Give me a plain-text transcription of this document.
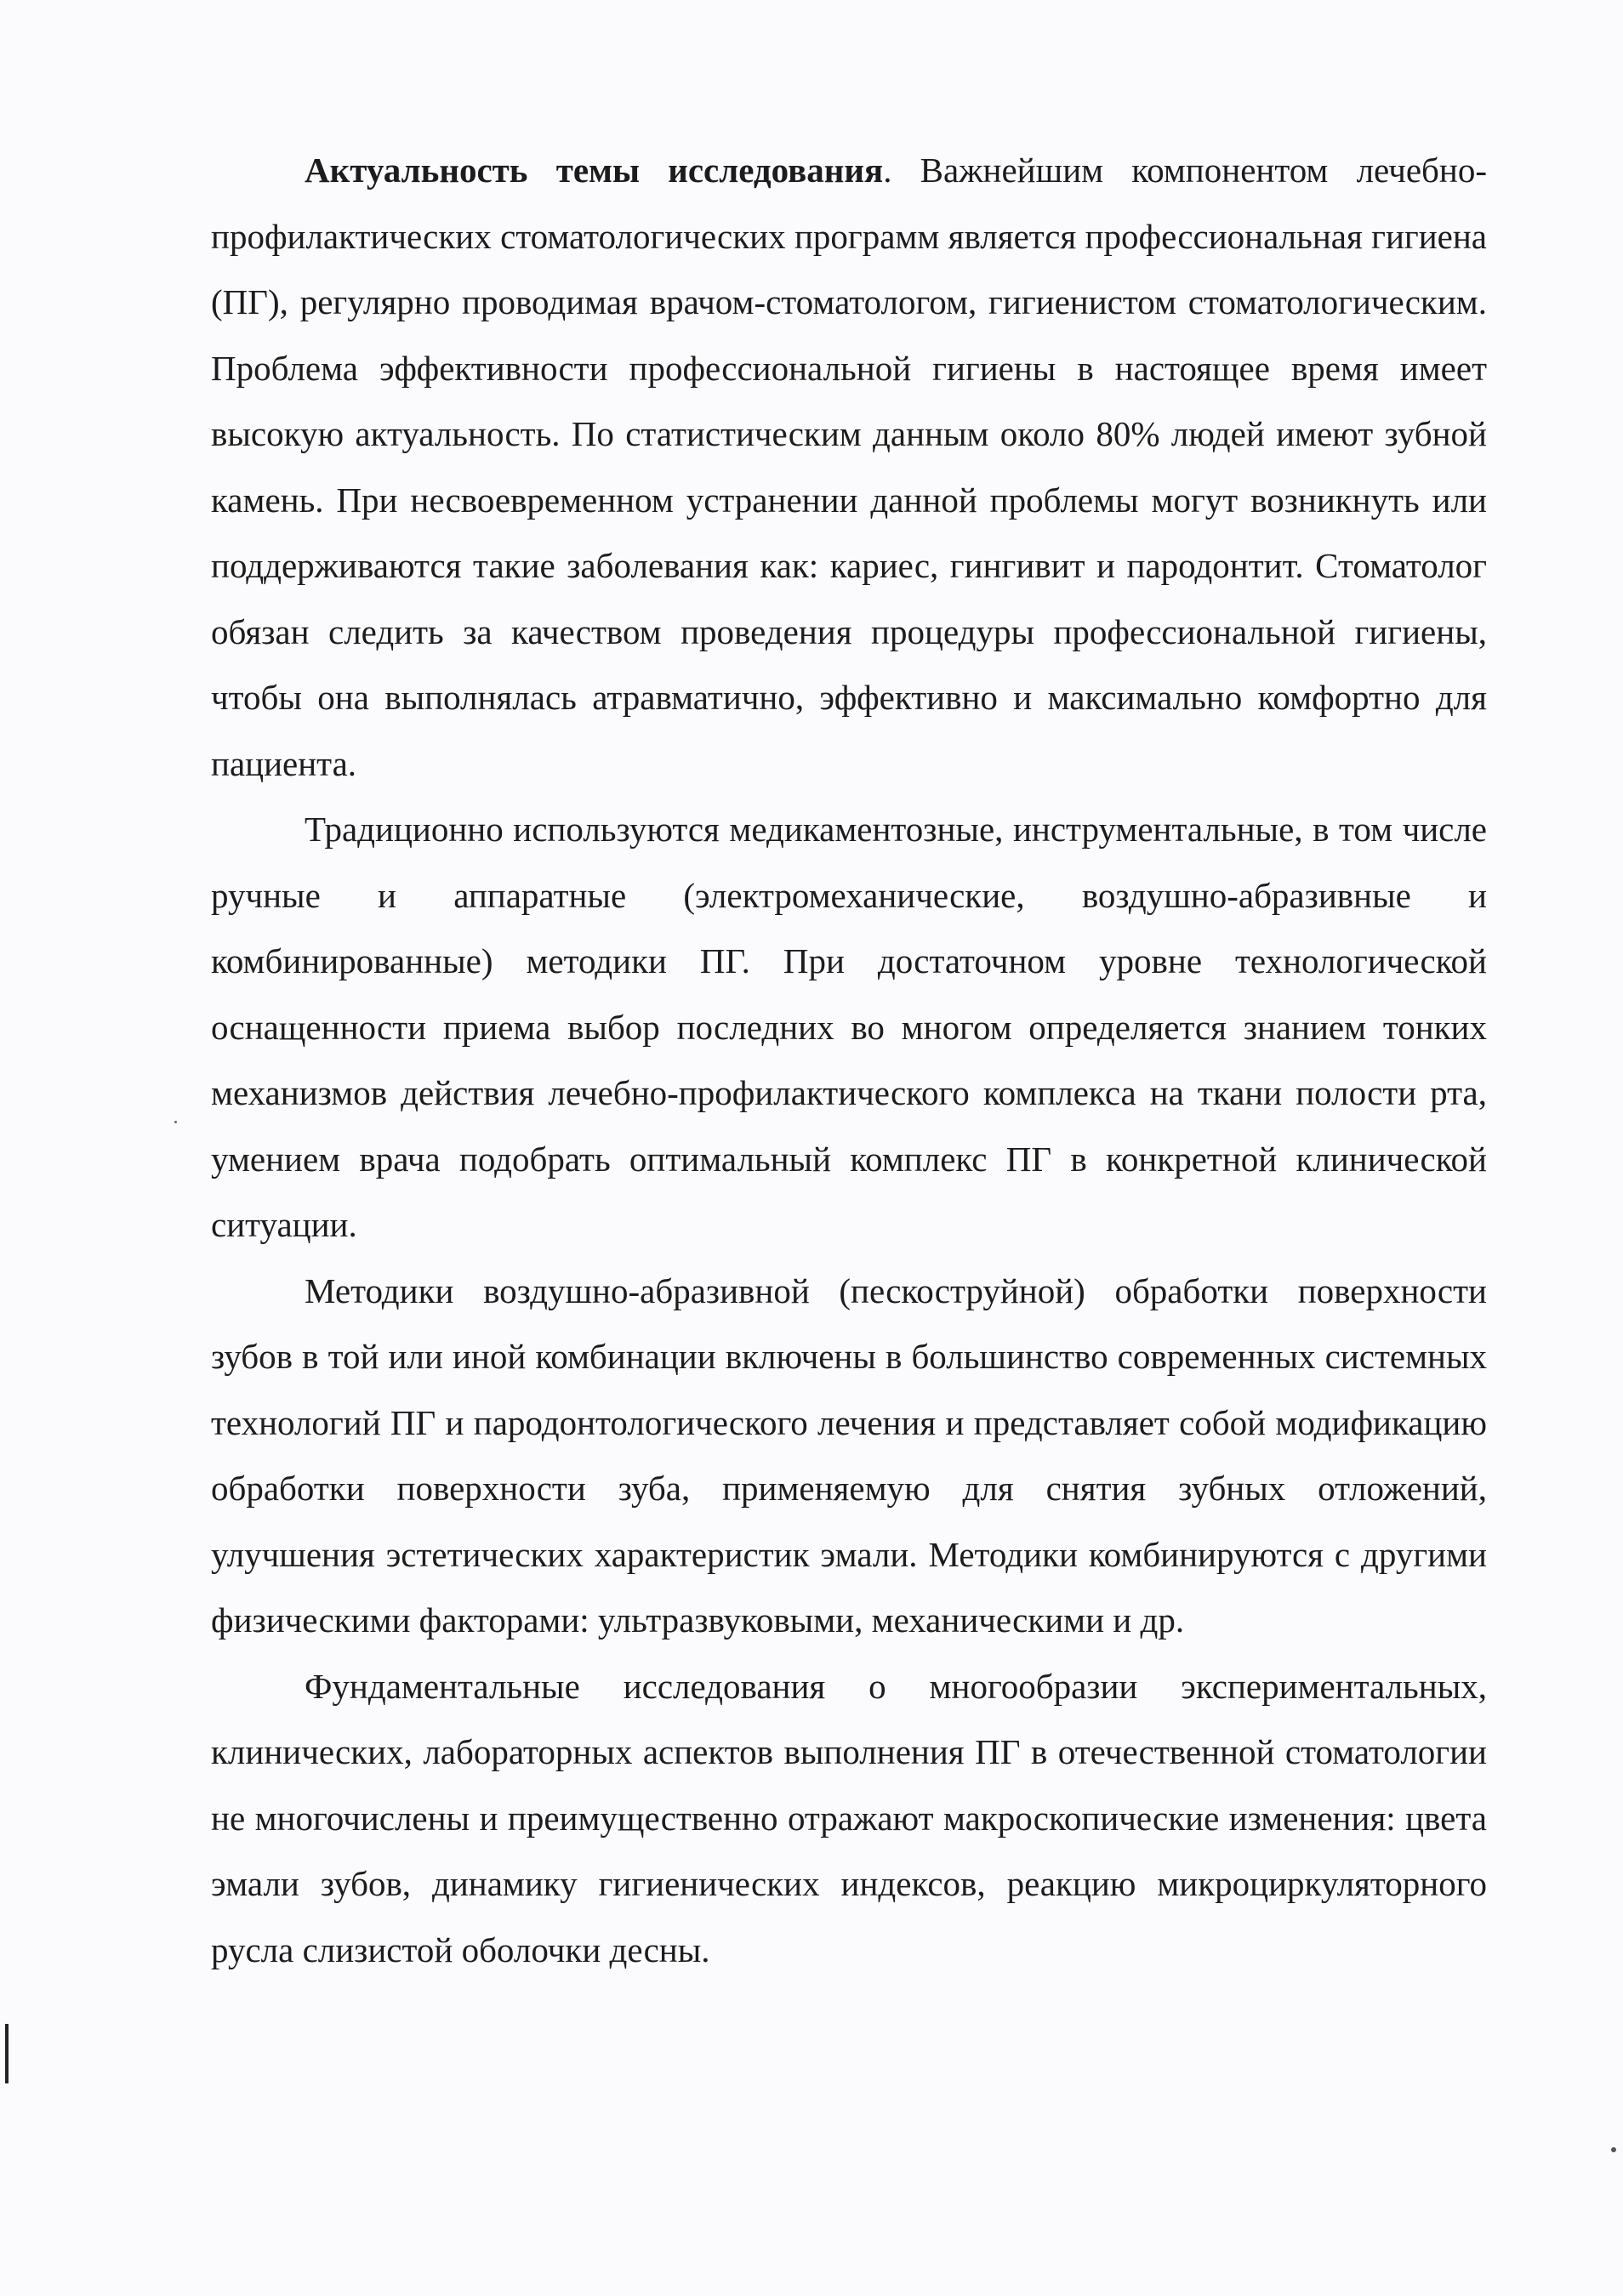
Актуальность темы исследования. Важнейшим компонентом лечебно-профилактических стоматологических программ является профессиональная гигиена (ПГ), регулярно проводимая врачом-стоматологом, гигиенистом стоматологическим. Проблема эффективности профессиональной гигиены в настоящее время имеет высокую актуальность. По статистическим данным около 80% людей имеют зубной камень. При несвоевременном устранении данной проблемы могут возникнуть или поддерживаются такие заболевания как: кариес, гингивит и пародонтит. Стоматолог обязан следить за качеством проведения процедуры профессиональной гигиены, чтобы она выполнялась атравматично, эффективно и максимально комфортно для пациента.

Традиционно используются медикаментозные, инструментальные, в том числе ручные и аппаратные (электромеханические, воздушно-абразивные и комбинированные) методики ПГ. При достаточном уровне технологической оснащенности приема выбор последних во многом определяется знанием тонких механизмов действия лечебно-профилактического комплекса на ткани полости рта, умением врача подобрать оптимальный комплекс ПГ в конкретной клинической ситуации.

Методики воздушно-абразивной (пескоструйной) обработки поверхности зубов в той или иной комбинации включены в большинство современных системных технологий ПГ и пародонтологического лечения и представляет собой модификацию обработки поверхности зуба, применяемую для снятия зубных отложений, улучшения эстетических характеристик эмали. Методики комбинируются с другими физическими факторами: ультразвуковыми, механическими и др.

Фундаментальные исследования о многообразии экспериментальных, клинических, лабораторных аспектов выполнения ПГ в отечественной стоматологии не многочислены и преимущественно отражают макроскопические изменения: цвета эмали зубов, динамику гигиенических индексов, реакцию микроциркуляторного русла слизистой оболочки десны.
